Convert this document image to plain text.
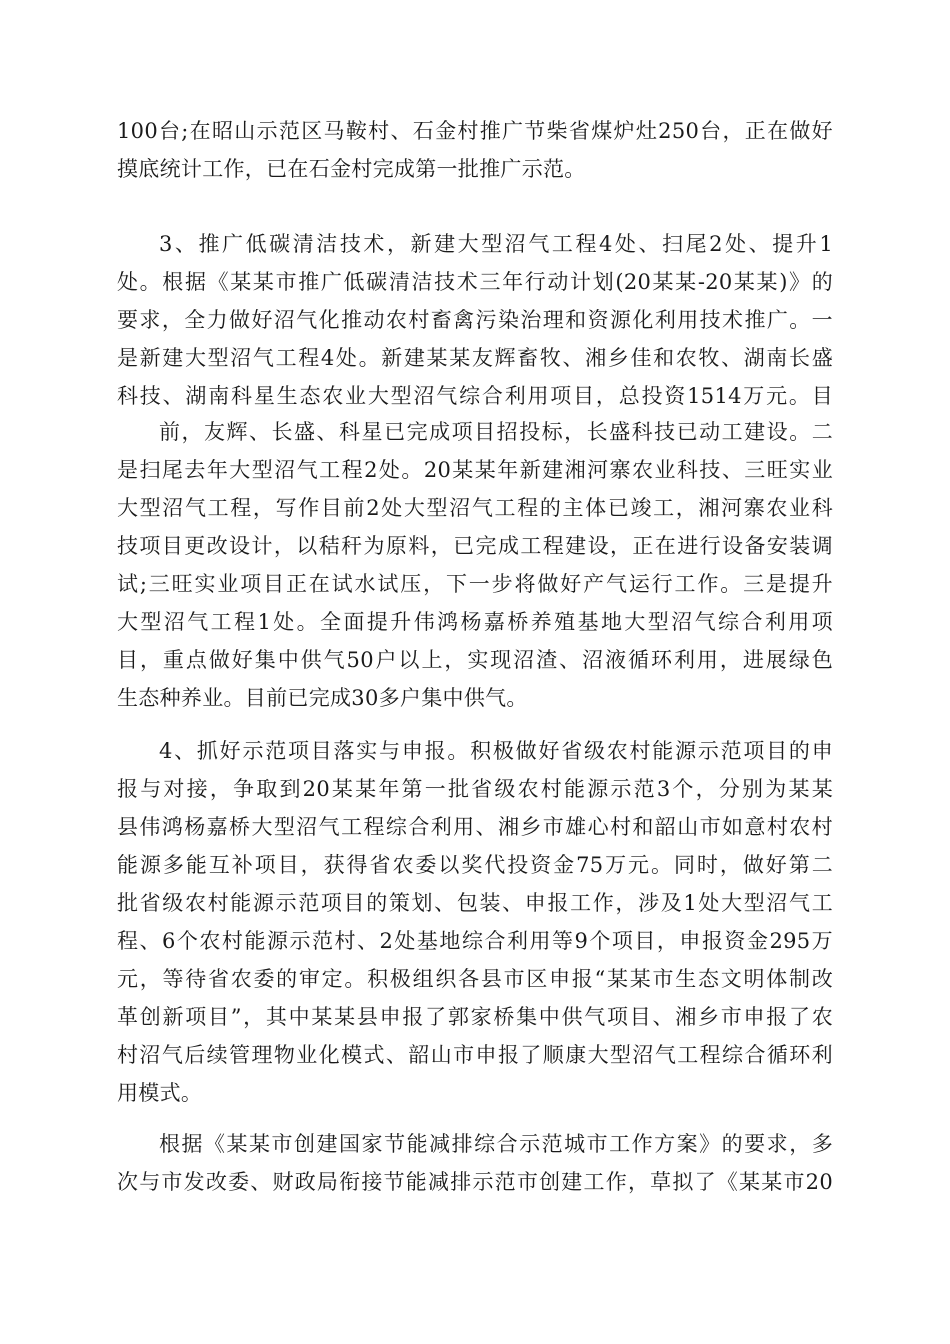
100台;在昭山示范区马鞍村、石金村推广节柴省煤炉灶250台，正在做好
摸底统计工作，已在石金村完成第一批推广示范。
3、推广低碳清洁技术，新建大型沼气工程4处、扫尾2处、提升1
处。根据《某某市推广低碳清洁技术三年行动计划(20某某-20某某)》的
要求，全力做好沼气化推动农村畜禽污染治理和资源化利用技术推广。一
是新建大型沼气工程4处。新建某某友辉畜牧、湘乡佳和农牧、湖南长盛
科技、湖南科星生态农业大型沼气综合利用项目，总投资1514万元。目
前，友辉、长盛、科星已完成项目招投标，长盛科技已动工建设。二
是扫尾去年大型沼气工程2处。20某某年新建湘河寨农业科技、三旺实业
大型沼气工程，写作目前2处大型沼气工程的主体已竣工，湘河寨农业科
技项目更改设计，以秸秆为原料，已完成工程建设，正在进行设备安装调
试;三旺实业项目正在试水试压，下一步将做好产气运行工作。三是提升
大型沼气工程1处。全面提升伟鸿杨嘉桥养殖基地大型沼气综合利用项
目，重点做好集中供气50户以上，实现沼渣、沼液循环利用，进展绿色
生态种养业。目前已完成30多户集中供气。
4、抓好示范项目落实与申报。积极做好省级农村能源示范项目的申
报与对接，争取到20某某年第一批省级农村能源示范3个，分别为某某
县伟鸿杨嘉桥大型沼气工程综合利用、湘乡市雄心村和韶山市如意村农村
能源多能互补项目，获得省农委以奖代投资金75万元。同时，做好第二
批省级农村能源示范项目的策划、包装、申报工作，涉及1处大型沼气工
程、6个农村能源示范村、2处基地综合利用等9个项目，申报资金295万
元，等待省农委的审定。积极组织各县市区申报“某某市生态文明体制改
革创新项目”，其中某某县申报了郭家桥集中供气项目、湘乡市申报了农
村沼气后续管理物业化模式、韶山市申报了顺康大型沼气工程综合循环利
用模式。
根据《某某市创建国家节能减排综合示范城市工作方案》的要求，多
次与市发改委、财政局衔接节能减排示范市创建工作，草拟了《某某市20
